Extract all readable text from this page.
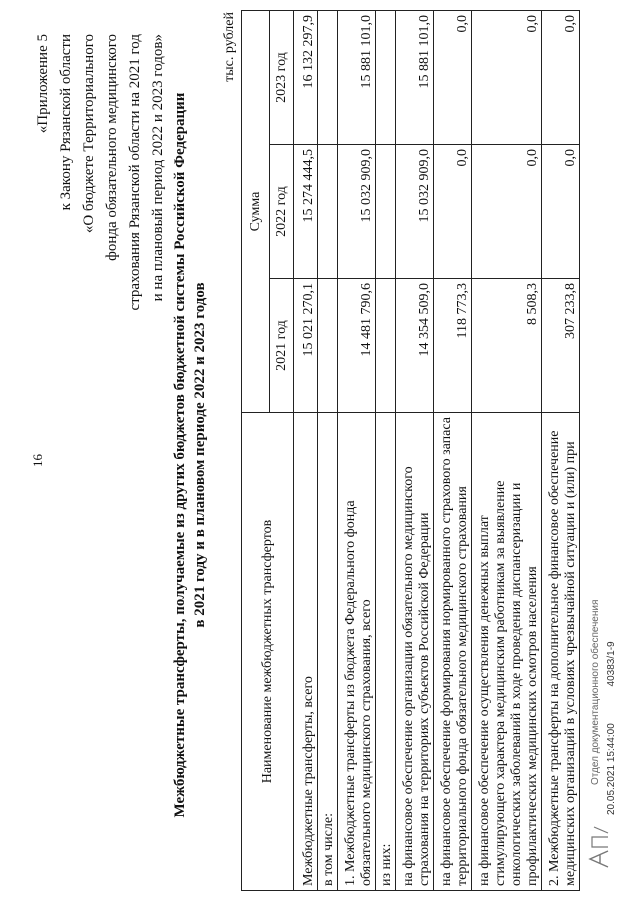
16
«Приложение 5 к Закону Рязанской области «О бюджете Территориального фонда обязательного медицинского страхования Рязанской области на 2021 год и на плановый период 2022 и 2023 годов» Межбюджетные трансферты, получаемые из других бюджетов бюджетной системы Российской Федерации в 2021 году и в плановом периоде 2022 и 2023 годов
тыс. рублей
Наименование межбюджетных трансфертов	Сумма		
	2021 год	2022 год	2023 год
Межбюджетные трансферты, всего	15 021 270,1	15 274 444,5	16 132 297,9
в том числе:			
1. Межбюджетные трансферты из бюджета Федерального фонда обязательного медицинского страхования, всего	14 481 790,6	15 032 909,0	15 881 101,0
из них:			
на финансовое обеспечение организации обязательного медицинского страхования на территориях субъектов Российской Федерации	14 354 509,0	15 032 909,0	15 881 101,0
на финансовое обеспечение формирования нормированного страхового запаса территориального фонда обязательного медицинского страхования	118 773,3	0,0	0,0
на финансовое обеспечение осуществления денежных выплат стимулирующего характера медицинским работникам за выявление онкологических заболеваний в ходе проведения диспансеризации и профилактических медицинских осмотров населения	8 508,3	0,0	0,0
2. Межбюджетные трансферты на дополнительное финансовое обеспечение медицинских организаций в условиях чрезвычайной ситуации и (или) при	307 233,8	0,0	0,0
Отдел документационного обеспечения 20.05.2021 15:44:00 40383/1-9
